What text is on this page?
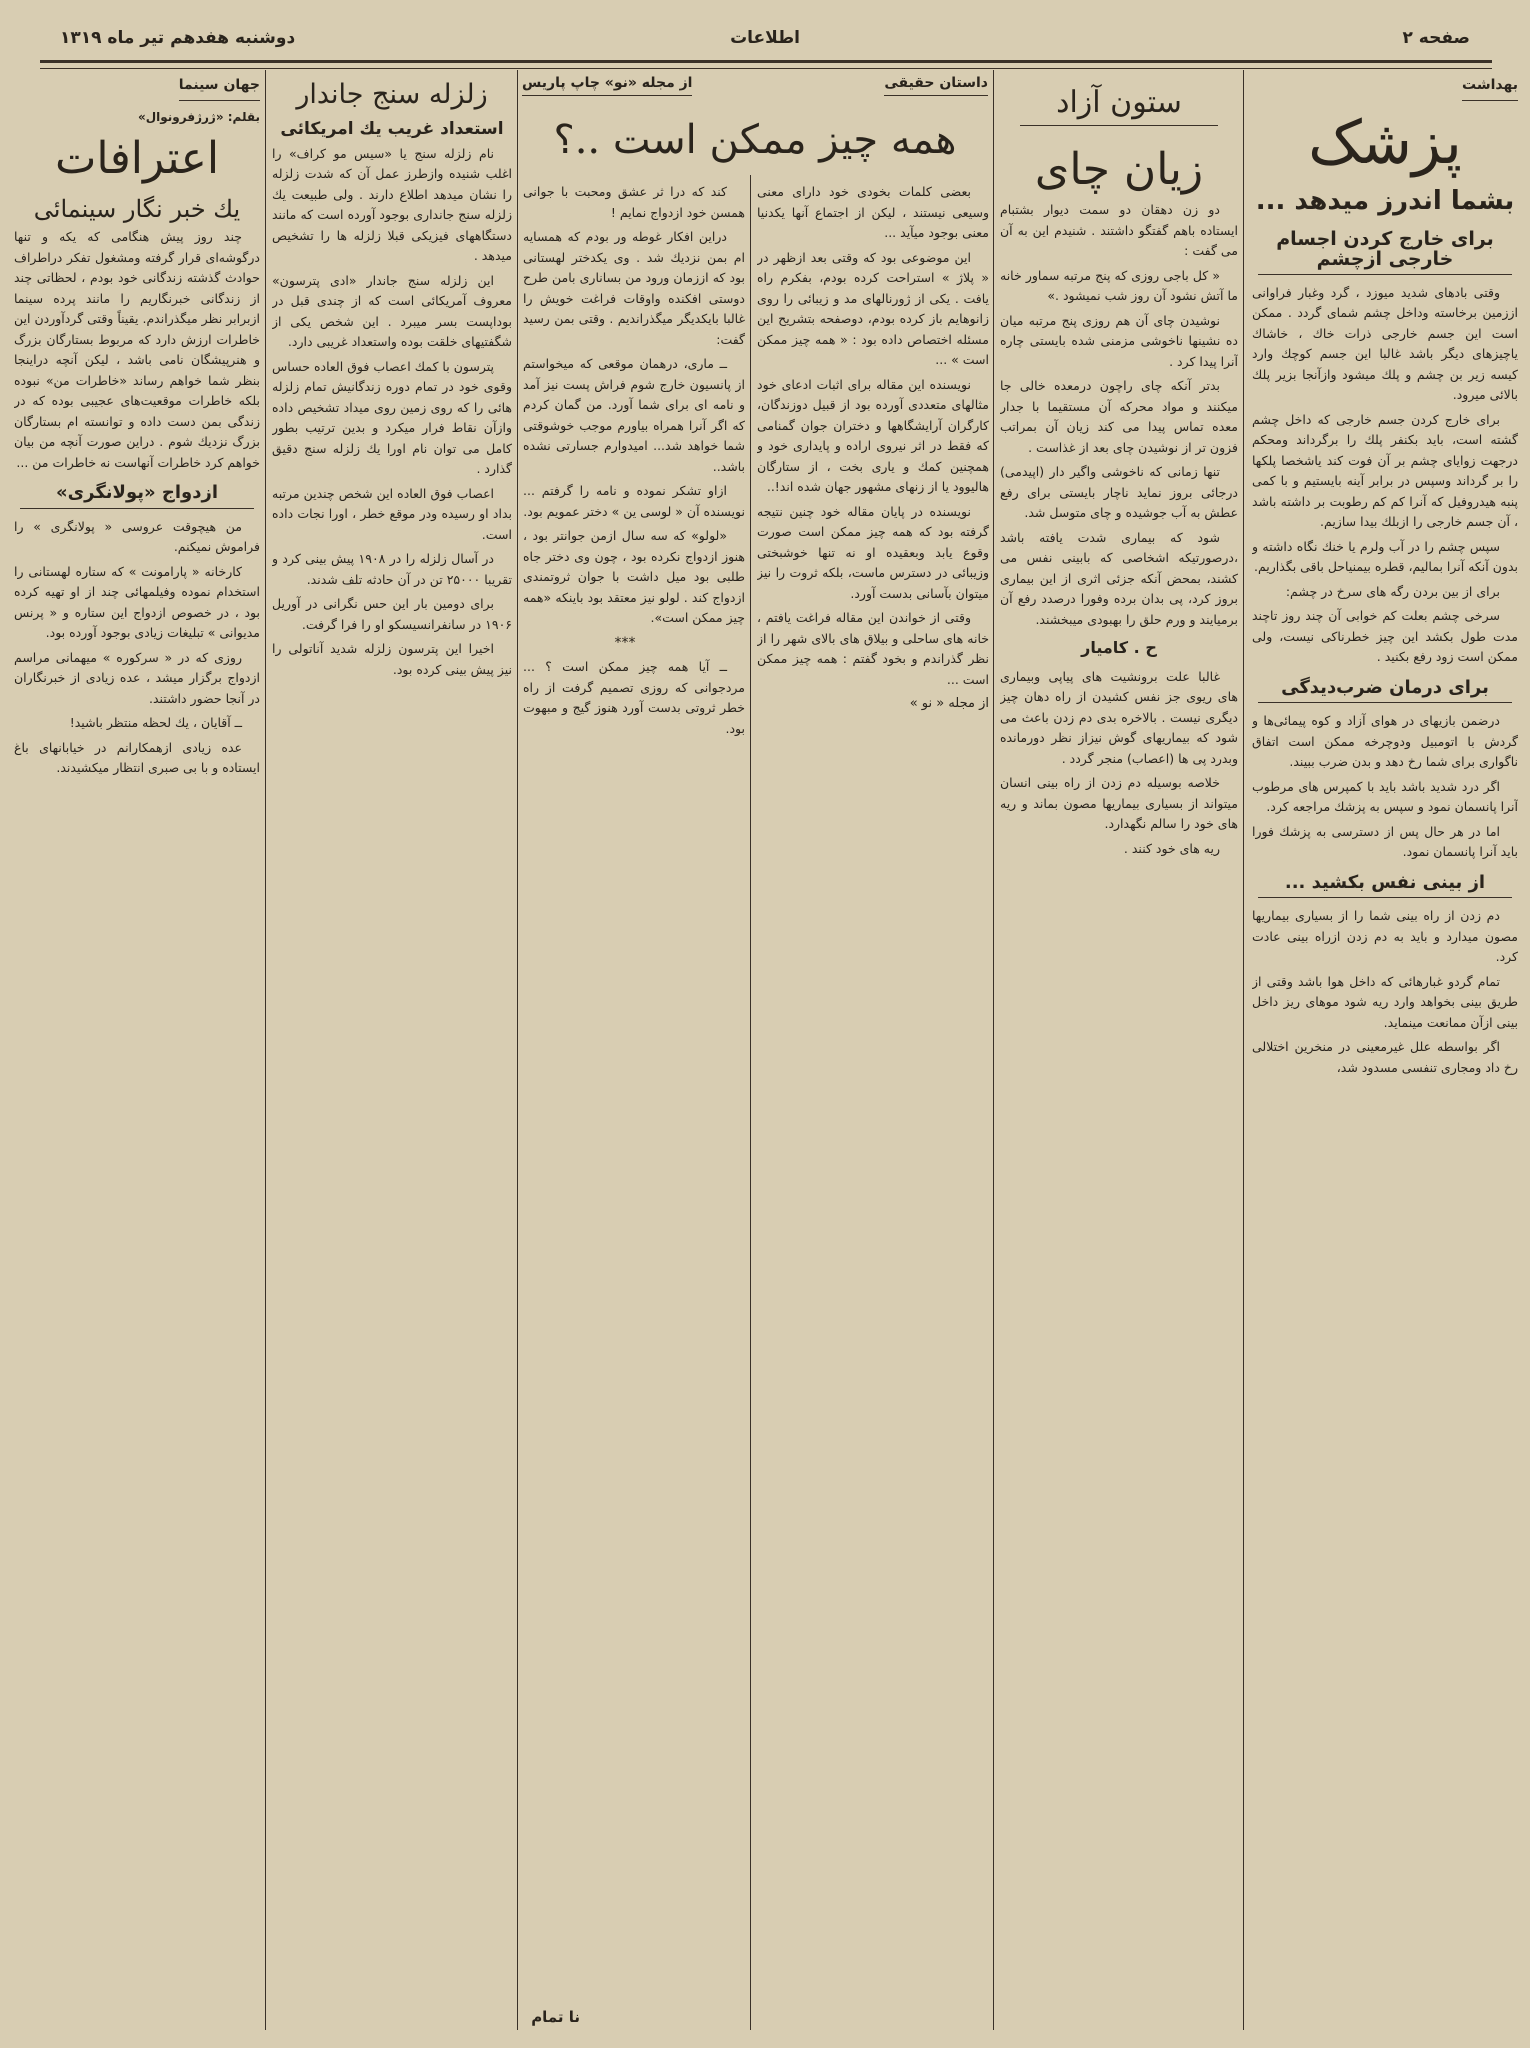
صفحه ۲
اطلاعات
دوشنبه هفدهم تیر ماه ۱۳۱۹
بهداشت
پزشک
بشما اندرز میدهد ...
برای خارج کردن اجسام خارجی ازچشم

وقتی بادهای شدید میوزد ، گرد وغبار فراوانی اززمین برخاسته وداخل چشم شمای گردد . ممکن است این جسم خارجی ذرات خاك ، خاشاك یاچیزهای دیگر باشد غالبا این جسم کوچك وارد کیسه زیر بن چشم و پلك میشود وازآنجا بزیر پلك بالائی میرود.

برای خارج کردن جسم خارجی که داخل چشم گشته است، باید بکنفر پلك را برگرداند ومحکم درجهت زوایای چشم بر آن فوت کند یاشخصا پلکها را بر گرداند وسپس در برابر آینه بایستیم و با کمی پنبه هیدروفیل که آنرا کم کم رطوبت بر داشته باشد ، آن جسم خارجی را ازبلك بیدا سازیم.

سپس چشم را در آب ولرم یا خنك نگاه داشته و بدون آنکه آنرا بمالیم، قطره بیمنیاحل باقی بگذاریم.

برای از بین بردن رگه های سرخ در چشم:

سرخی چشم بعلت کم خوابی آن چند روز تاچند مدت طول بکشد این چیز خطرناکی نیست، ولی ممکن است زود رفع بکنید .

برای درمان ضرب‌دیدگی

درضمن بازیهای در هوای آزاد و کوه پیمائی‌ها و گردش با اتومبیل ودوچرخه ممکن است اتفاق ناگواری برای شما رخ دهد و بدن ضرب ببیند.

اگر درد شدید باشد باید با کمپرس های مرطوب آنرا پانسمان نمود و سپس به پزشك مراجعه کرد.

اما در هر حال پس از دسترسی به پزشك فورا باید آنرا پانسمان نمود.

از بینی نفس بکشید ...

دم زدن از راه بینی شما را از بسیاری بیماریها مصون میدارد و باید به دم زدن ازراه بینی عادت کرد.

تمام گردو غبارهائی که داخل هوا باشد وقتی از طریق بینی بخواهد وارد ریه شود موهای ریز داخل بینی ازآن ممانعت مینماید.

اگر بواسطه علل غیرمعینی در منخرین اختلالی رخ داد ومجاری تنفسی مسدود شد،

ستون آزاد
زیان چای

دو زن دهقان دو سمت دیوار بشتبام ایستاده باهم گفتگو داشتند . شنیدم این به آن می گفت :

« کل باجی روزی که پنج مرتبه سماور خانه ما آتش نشود آن روز شب نمیشود .»

نوشیدن چای آن هم روزی پنج مرتبه میان ده نشینها ناخوشی مزمنی شده بایستی چاره آنرا پیدا کرد .

بدتر آنکه چای راچون درمعده خالی جا میکنند و مواد محرکه آن مستقیما با جدار معده تماس پیدا می کند زیان آن بمراتب فزون تر از نوشیدن چای بعد از غذاست .

تنها زمانی که ناخوشی واگیر دار (اپیدمی) درجائی بروز نماید ناچار بایستی برای رفع عطش به آب جوشیده و چای متوسل شد.

شود که بیماری شدت یافته باشد ،درصورتیکه اشخاصی که بابینی نفس می کشند، بمحض آنکه جزئی اثری از این بیماری بروز کرد، پی بدان برده وفورا درصدد رفع آن برمیایند و ورم حلق را بهبودی میبخشند.

ح . کامیار

غالبا علت برونشیت های پیاپی وبیماری های ریوی جز نفس کشیدن از راه دهان چیز دیگری نیست . بالاخره بدی دم زدن باعث می شود که بیماریهای گوش نیزاز نظر دورمانده وبدرد پی ها (اعصاب) منجر گردد .

خلاصه بوسیله دم زدن از راه بینی انسان میتواند از بسیاری بیماریها مصون بماند و ریه های خود را سالم نگهدارد.

ریه های خود کنند .

داستان حقیقی
از مجله «نو» چاپ پاریس
همه چیز ممکن است ..؟

بعضی کلمات بخودی خود دارای معنی وسیعی نیستند ، لیکن از اجتماع آنها یکدنیا معنی بوجود میآید ...

این موضوعی بود که وقتی بعد ازظهر در « پلاژ » استراحت کرده بودم، بفکرم راه یافت . یکی از ژورنالهای مد و زیبائی را روی زانوهایم باز کرده بودم، دوصفحه بتشریح این مسئله اختصاص داده بود : « همه چیز ممکن است » ...

نویسنده این مقاله برای اثبات ادعای خود مثالهای متعددی آورده بود از قبیل دوزندگان، کارگران آرایشگاهها و دختران جوان گمنامی که فقط در اثر نیروی اراده و پایداری خود و همچنین کمك و یاری بخت ، از ستارگان هالیوود یا از زنهای مشهور جهان شده اند!..

نویسنده در پایان مقاله خود چنین نتیجه گرفته بود که همه چیز ممکن است صورت وقوع یابد وبعقیده او نه تنها خوشبختی وزیبائی در دسترس ماست، بلکه ثروت را نیز میتوان بآسانی بدست آورد.

وقتی از خواندن این مقاله فراغت یافتم ، خانه های ساحلی و بیلاق های بالای شهر را از نظر گذراندم و بخود گفتم : همه چیز ممکن است ...

از مجله « نو »

کند که درا ثر عشق ومحبت با جوانی همسن خود ازدواج نمایم !

دراین افکار غوطه ور بودم که همسایه ام بمن نزدیك شد . وی یکدختر لهستانی بود که اززمان ورود من بساناری بامن طرح دوستی افکنده واوقات فراغت خویش را غالبا بایکدیگر میگذراندیم . وقتی بمن رسید گفت:

ــ ماری، درهمان موقعی که میخواستم از پانسیون خارج شوم فراش پست نیز آمد و نامه ای برای شما آورد. من گمان کردم که اگر آنرا همراه بیاورم موجب خوشوقتی شما خواهد شد... امیدوارم جسارتی نشده باشد..

ازاو تشکر نموده و نامه را گرفتم ... نویسنده آن « لوسی ین » دختر عمویم بود.

«لولو» که سه سال ازمن جوانتر بود ، هنوز ازدواج نکرده بود ، چون وی دختر جاه طلبی بود میل داشت با جوان ثروتمندی ازدواج کند . لولو نیز معتقد بود باینکه «همه چیز ممکن است».

***

ــ آیا همه چیز ممکن است ؟ ... مردجوانی که روزی تصمیم گرفت از راه خطر ثروتی بدست آورد هنوز گیج و مبهوت بود.

زلزله سنج جاندار
استعداد غریب یك امریکائی

نام زلزله سنج یا «سیس مو کراف» را اغلب شنیده وازطرز عمل آن که شدت زلزله را نشان میدهد اطلاع دارند . ولی طبیعت یك زلزله سنج جانداری بوجود آورده است که مانند دستگاههای فیزیکی قبلا زلزله ها را تشخیص میدهد .

این زلزله سنج جاندار «ادی پترسون» معروف آمریکائی است که از چندی قبل در بوداپست بسر میبرد . این شخص یکی از شگفتیهای خلقت بوده واستعداد غریبی دارد.

پترسون با کمك اعصاب فوق العاده حساس وقوی خود در تمام دوره زندگانیش تمام زلزله هائی را که روی زمین روی میداد تشخیص داده وازآن نقاط فرار میکرد و بدین ترتیب بطور کامل می توان نام اورا یك زلزله سنج دقیق گذارد .

اعصاب فوق العاده این شخص چندین مرتبه بداد او رسیده ودر موقع خطر ، اورا نجات داده است.

در آسال زلزله را در ۱۹۰۸ پیش بینی کرد و تقریبا ۲۵۰۰۰ تن در آن حادثه تلف شدند.

برای دومین بار این حس نگرانی در آوریل ۱۹۰۶ در سانفرانسیسکو او را فرا گرفت.

اخیرا این پترسون زلزله شدید آناتولی را نیز پیش بینی کرده بود.

جهان سینما
بقلم: «ژرژفرونوال»
اعترافات
یك خبر نگار سینمائی

چند روز پیش هنگامی که یکه و تنها درگوشه‌ای قرار گرفته ومشغول تفکر دراطراف حوادث گذشته زندگانی خود بودم ، لحظاتی چند از زندگانی خبرنگاریم را مانند پرده سینما ازبرابر نظر میگذراندم. یقیناً وقتی گردآوردن این خاطرات ارزش دارد که مربوط بستارگان بزرگ و هنرپیشگان نامی باشد ، لیکن آنچه دراینجا بنظر شما خواهم رساند «خاطرات من» نبوده بلکه خاطرات موقعیت‌های عجیبی بوده که در زندگی بمن دست داده و توانسته ام بستارگان بزرگ نزدیك شوم . دراین صورت آنچه من بیان خواهم کرد خاطرات آنهاست نه خاطرات من ...

ازدواج «پولانگری»

من هیچوقت عروسی « پولانگری » را فراموش نمیکنم.

کارخانه « پارامونت » که ستاره لهستانی را استخدام نموده وفیلمهائی چند از او تهیه کرده بود ، در خصوص ازدواج این ستاره و « پرنس مدیوانی » تبلیغات زیادی بوجود آورده بود.

روزی که در « سرکوره » میهمانی مراسم ازدواج برگزار میشد ، عده زیادی از خبرنگاران در آنجا حضور داشتند.

ــ آقایان ، یك لحظه منتظر باشید!

عده زیادی ازهمکارانم در خیابانهای باغ ایستاده و با بی صبری انتظار میکشیدند.

نا تمام
